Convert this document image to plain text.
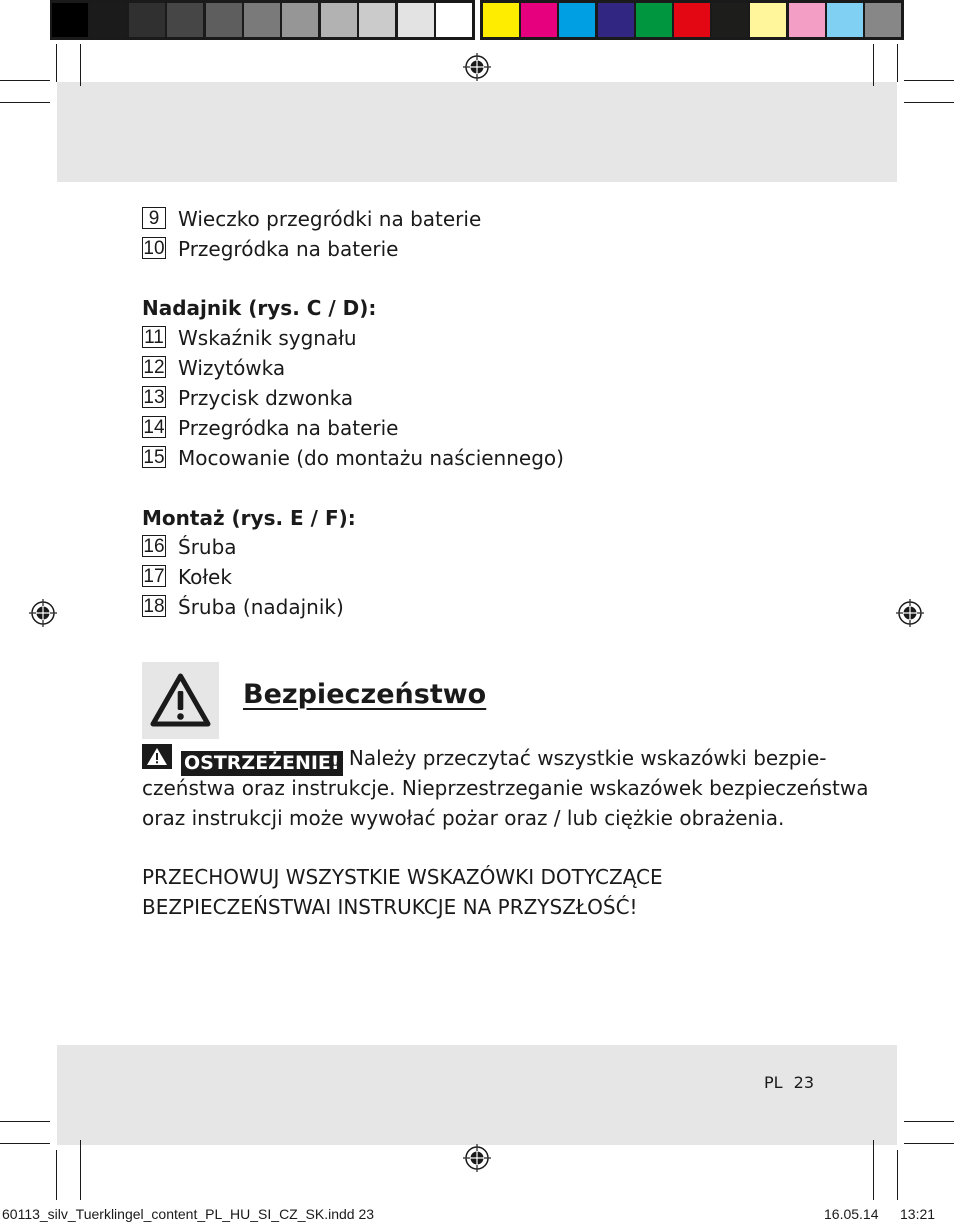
9 Wieczko przegródki na baterie
10 Przegródka na baterie
Nadajnik (rys. C / D):
11 Wskaźnik sygnału
12 Wizytówka
13 Przycisk dzwonka
14 Przegródka na baterie
15 Mocowanie (do montażu naściennego)
Montaż (rys. E / F):
16 Śruba
17 Kołek
18 Śruba (nadajnik)
Bezpieczeństwo
OSTRZEŻENIE! Należy przeczytać wszystkie wskazówki bezpie-
czeństwa oraz instrukcje. Nieprzestrzeganie wskazówek bezpieczeństwa
oraz instrukcji może wywołać pożar oraz / lub ciężkie obrażenia.
PRZECHOWUJ WSZYSTKIE WSKAZÓWKI DOTYCZĄCE
BEZPIECZEŃSTWAI INSTRUKCJE NA PRZYSZŁOŚĆ!
PL 23
60113_silv_Tuerklingel_content_PL_HU_SI_CZ_SK.indd 23	16.05.14 13:21
